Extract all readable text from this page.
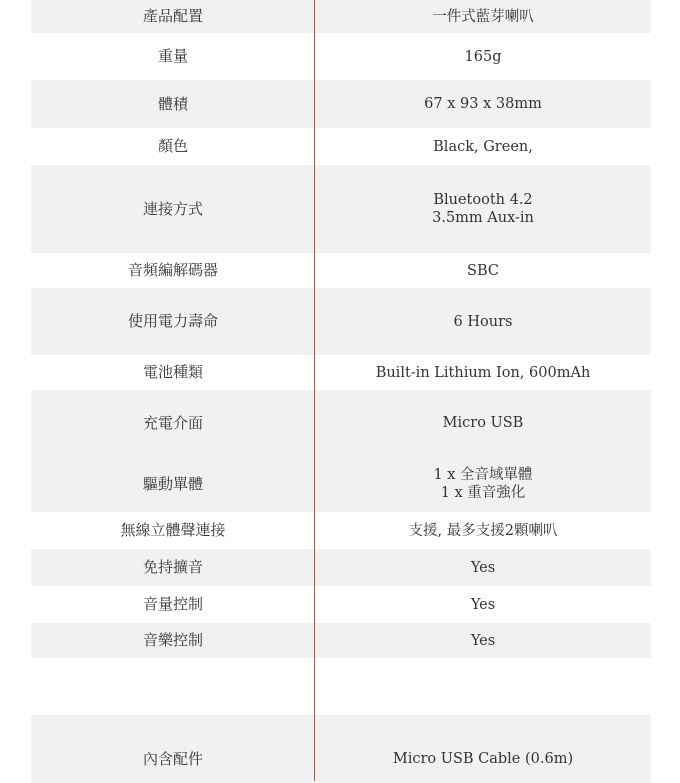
產品配置	一件式藍芽喇叭
重量	165g
體積	67 x 93 x 38mm
顏色	Black, Green,
連接方式	Bluetooth 4.2
3.5mm Aux-in
音頻編解碼器	SBC
使用電力壽命	6 Hours
電池種類	Built-in Lithium Ion, 600mAh
充電介面	Micro USB
驅動單體	1 x 全音域單體
1 x 重音強化
無線立體聲連接	支援, 最多支援2顆喇叭
免持擴音	Yes
音量控制	Yes
音樂控制	Yes
內含配件	Micro USB Cable (0.6m)
